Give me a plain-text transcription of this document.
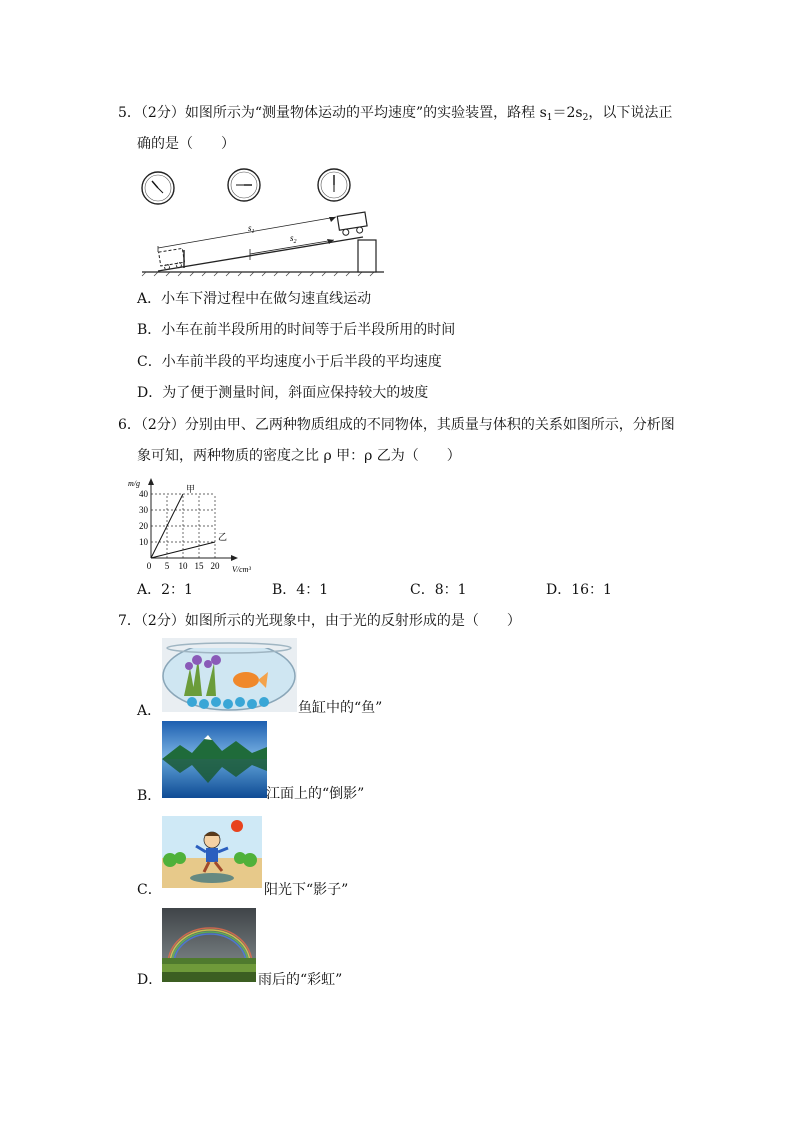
5．（2分）如图所示为“测量物体运动的平均速度”的实验装置，路程 $s_1=2s_2$，以下说法正
确的是（　　）
$s_1$
$s_2$
A．小车下滑过程中在做匀速直线运动
B．小车在前半段所用的时间等于后半段所用的时间
C．小车前半段的平均速度小于后半段的平均速度
D．为了便于测量时间，斜面应保持较大的坡度
6．（2分）分别由甲、乙两种物质组成的不同物体，其质量与体积的关系如图所示，分析图
象可知，两种物质的密度之比 ρ 甲：ρ 乙为（　　）
10
20
30
40
0 5 10 15 20
甲
乙
m/g
V/cm³
A．2：1	B．4：1	C．8：1	D．16：1
7．（2分）如图所示的光现象中，由于光的反射形成的是（　　）
A．	鱼缸中的“鱼”
B．	江面上的“倒影”
C．	阳光下“影子”
D．	雨后的“彩虹”
